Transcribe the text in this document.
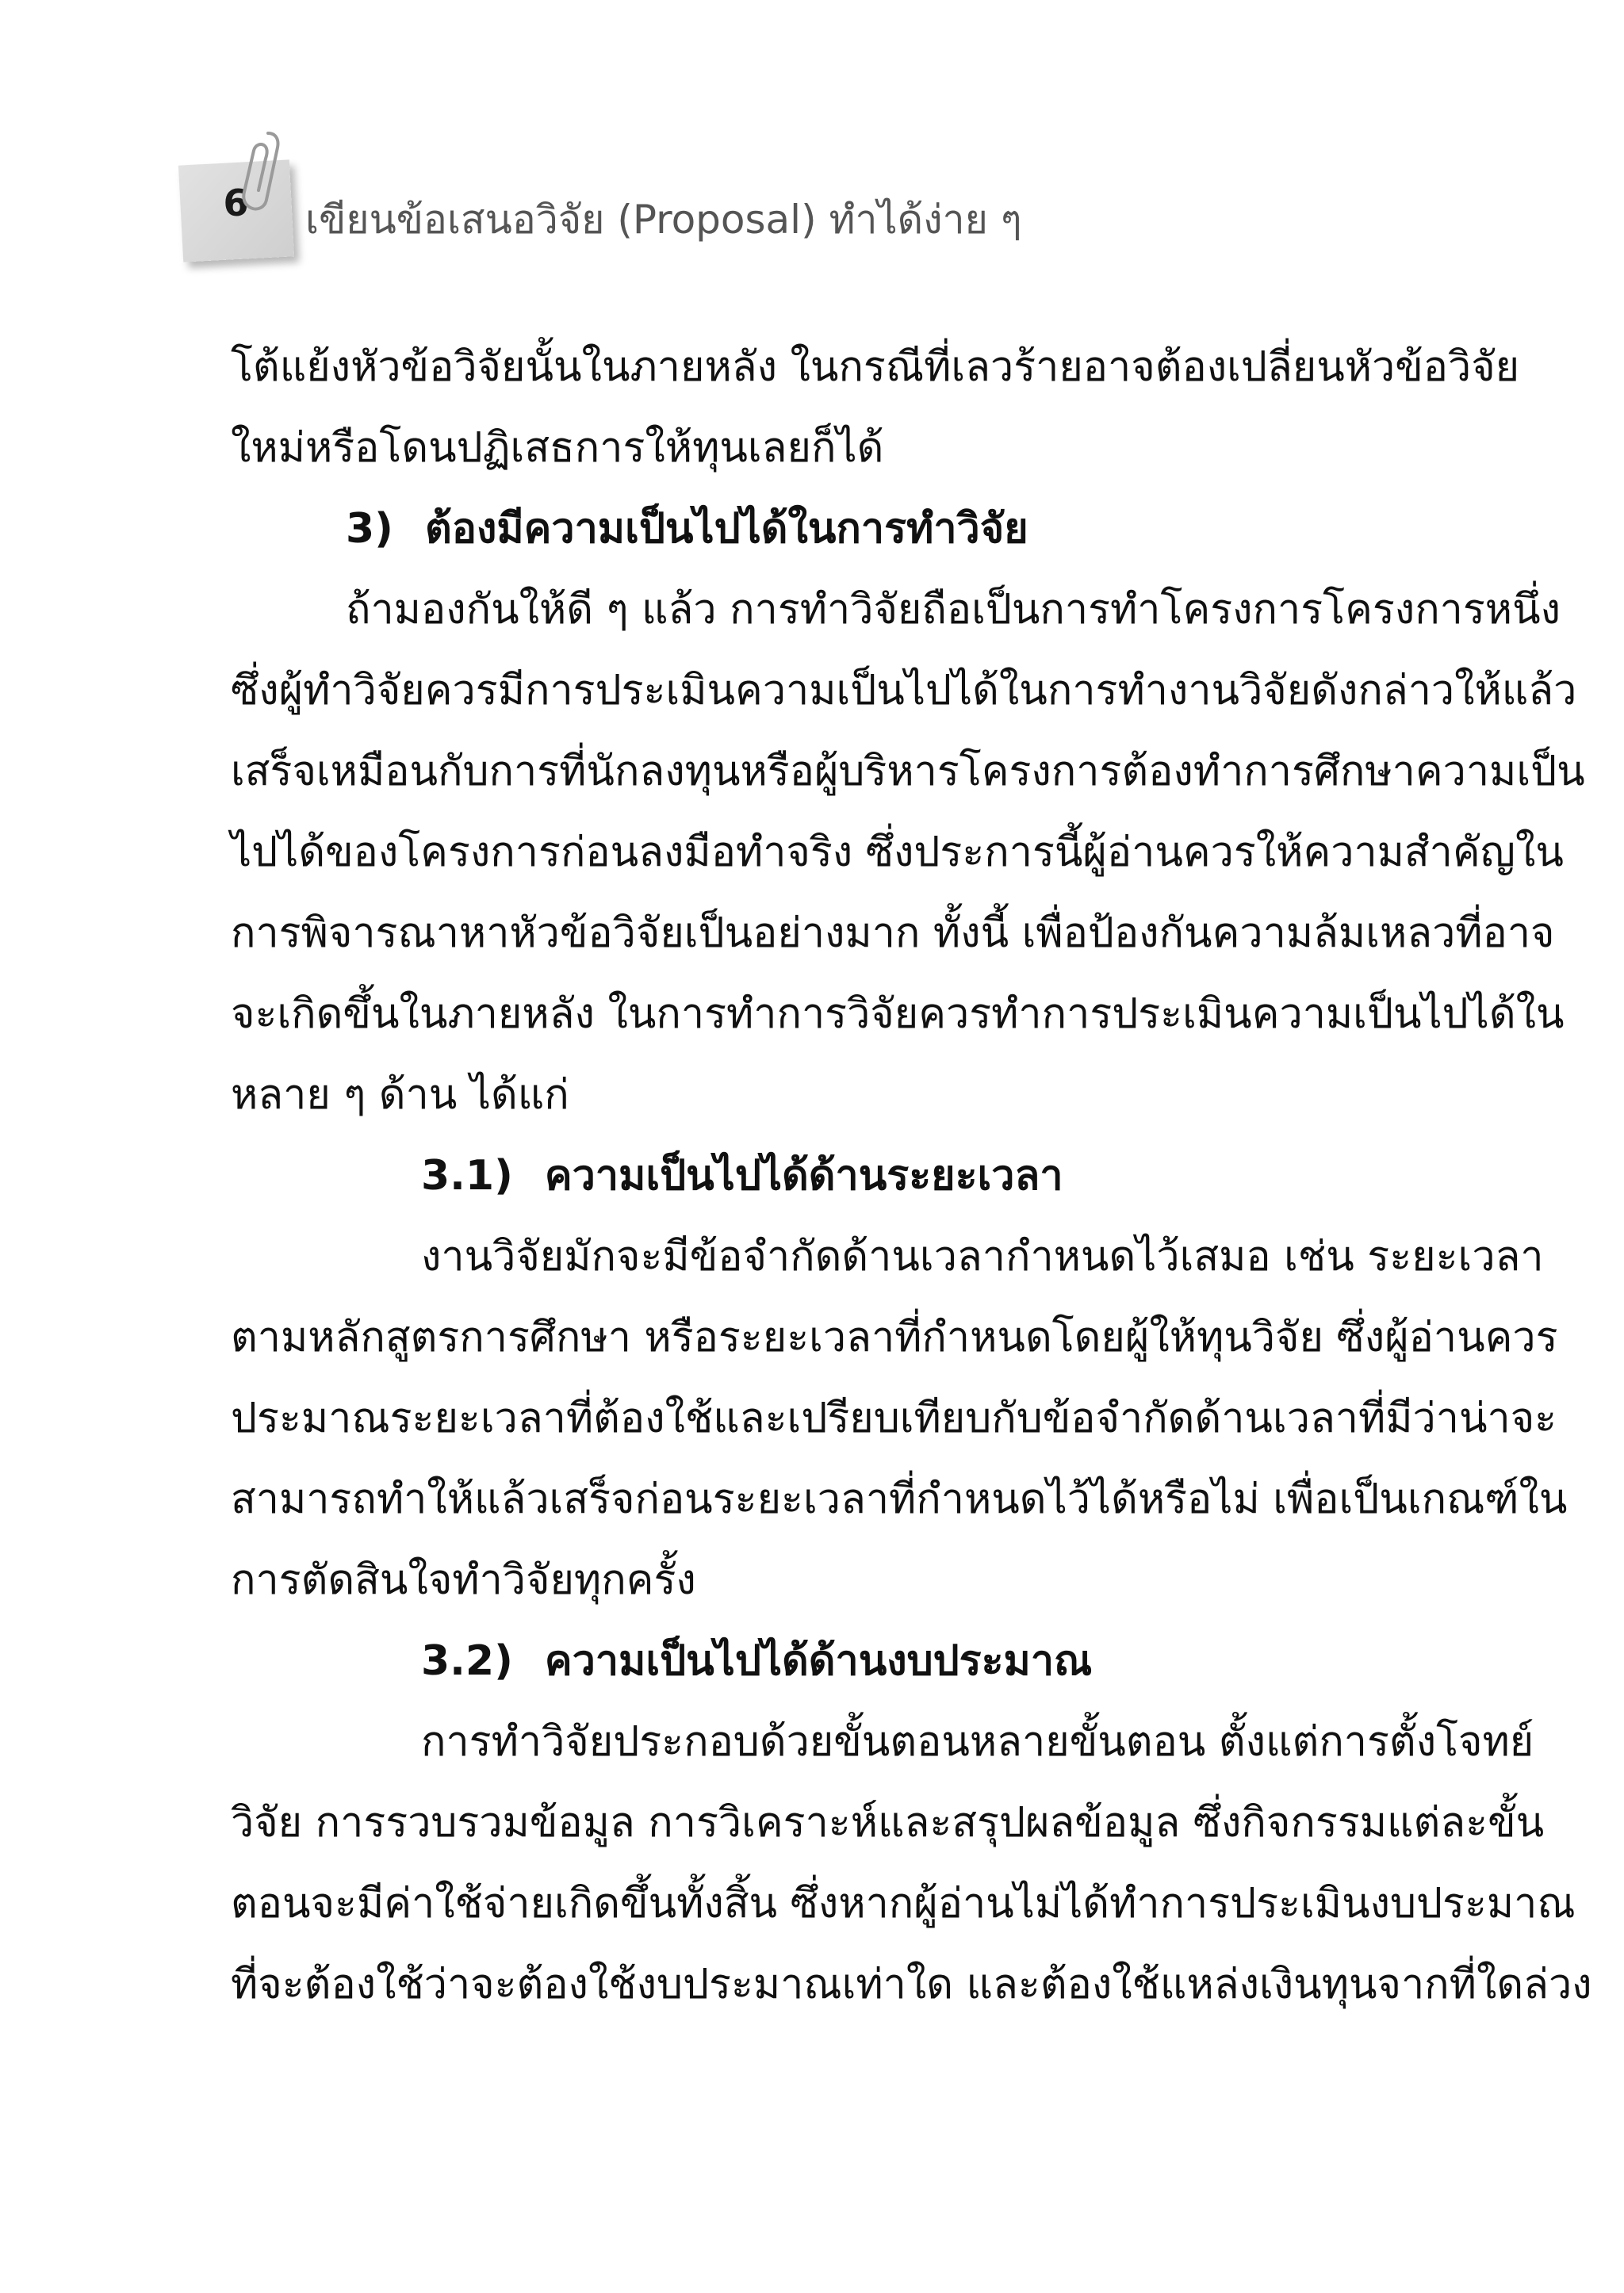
6	เขียนข้อเสนอวิจัย (Proposal) ทำได้ง่าย ๆ
โต้แย้งหัวข้อวิจัยนั้นในภายหลัง ในกรณีที่เลวร้ายอาจต้องเปลี่ยนหัวข้อวิจัย
ใหม่หรือโดนปฏิเสธการให้ทุนเลยก็ได้
3) ต้องมีความเป็นไปได้ในการทำวิจัย
ถ้ามองกันให้ดี ๆ แล้ว การทำวิจัยถือเป็นการทำโครงการโครงการหนึ่ง
ซึ่งผู้ทำวิจัยควรมีการประเมินความเป็นไปได้ในการทำงานวิจัยดังกล่าวให้แล้ว
เสร็จเหมือนกับการที่นักลงทุนหรือผู้บริหารโครงการต้องทำการศึกษาความเป็น
ไปได้ของโครงการก่อนลงมือทำจริง ซึ่งประการนี้ผู้อ่านควรให้ความสำคัญใน
การพิจารณาหาหัวข้อวิจัยเป็นอย่างมาก ทั้งนี้ เพื่อป้องกันความล้มเหลวที่อาจ
จะเกิดขึ้นในภายหลัง ในการทำการวิจัยควรทำการประเมินความเป็นไปได้ใน
หลาย ๆ ด้าน ได้แก่
3.1) ความเป็นไปได้ด้านระยะเวลา
งานวิจัยมักจะมีข้อจำกัดด้านเวลากำหนดไว้เสมอ เช่น ระยะเวลา
ตามหลักสูตรการศึกษา หรือระยะเวลาที่กำหนดโดยผู้ให้ทุนวิจัย ซึ่งผู้อ่านควร
ประมาณระยะเวลาที่ต้องใช้และเปรียบเทียบกับข้อจำกัดด้านเวลาที่มีว่าน่าจะ
สามารถทำให้แล้วเสร็จก่อนระยะเวลาที่กำหนดไว้ได้หรือไม่ เพื่อเป็นเกณฑ์ใน
การตัดสินใจทำวิจัยทุกครั้ง
3.2) ความเป็นไปได้ด้านงบประมาณ
การทำวิจัยประกอบด้วยขั้นตอนหลายขั้นตอน ตั้งแต่การตั้งโจทย์
วิจัย การรวบรวมข้อมูล การวิเคราะห์และสรุปผลข้อมูล ซึ่งกิจกรรมแต่ละขั้น
ตอนจะมีค่าใช้จ่ายเกิดขึ้นทั้งสิ้น ซึ่งหากผู้อ่านไม่ได้ทำการประเมินงบประมาณ
ที่จะต้องใช้ว่าจะต้องใช้งบประมาณเท่าใด และต้องใช้แหล่งเงินทุนจากที่ใดล่วง
